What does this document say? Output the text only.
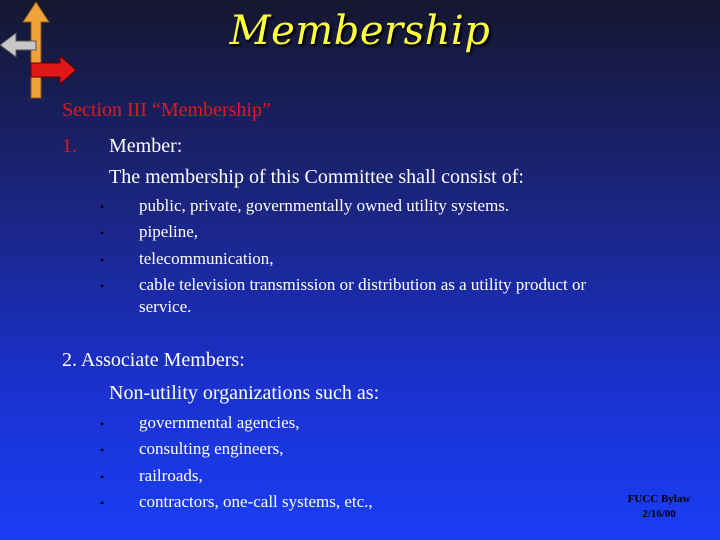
Membership
Section III “Membership”
1. Member:
The membership of this Committee shall consist of:
• public, private, governmentally owned utility systems.
• pipeline,
• telecommunication,
• cable television transmission or distribution as a utility product or
service.
2. Associate Members:
Non-utility organizations such as:
• governmental agencies,
• consulting engineers,
• railroads,
• contractors, one-call systems, etc.,	FUCC Bylaw
2/16/00
